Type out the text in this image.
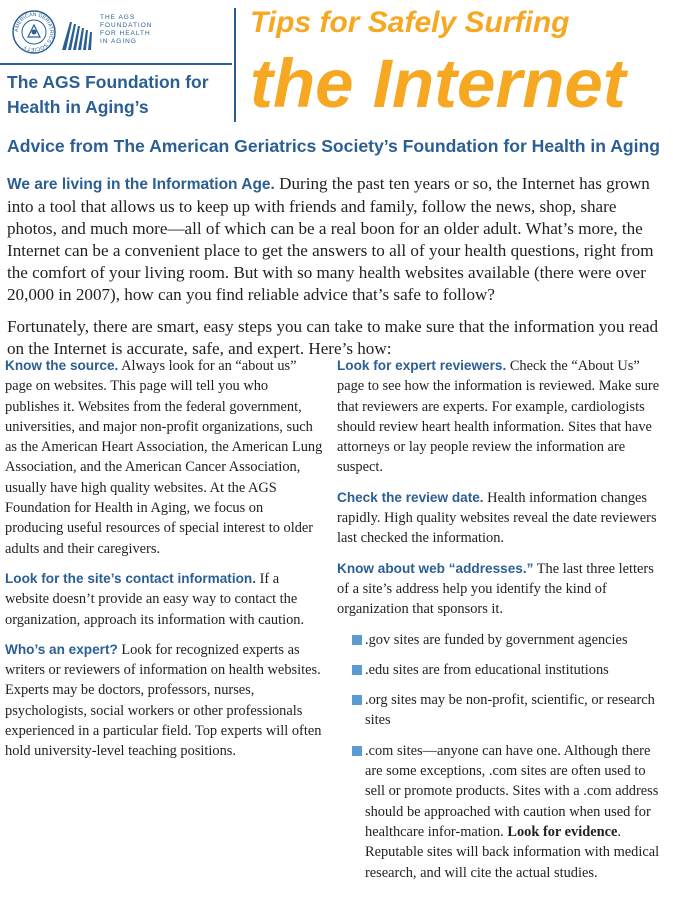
AMERICAN GERIATRICS SOCIETY
THE AGS
FOUNDATION
FOR HEALTH
IN AGING
The AGS Foundation for
Health in Aging’s
Tips for Safely Surfing
the Internet
Advice from The American Geriatrics Society’s Foundation for Health in Aging

We are living in the Information Age. During the past ten years or so, the Internet has grown into a tool that allows us to keep up with friends and family, follow the news, shop, share photos, and much more—all of which can be a real boon for an older adult. What’s more, the Internet can be a convenient place to get the answers to all of your health questions, right from the comfort of your living room. But with so many health websites available (there were over 20,000 in 2007), how can you find reliable advice that’s safe to follow?

Fortunately, there are smart, easy steps you can take to make sure that the information you read on the Internet is accurate, safe, and expert. Here’s how:

Know the source. Always look for an “about us” page on websites. This page will tell you who publishes it. Websites from the federal government, universities, and major non-profit organizations, such as the American Heart Association, the American Lung Association, and the American Cancer Association, usually have high quality websites. At the AGS Foundation for Health in Aging, we focus on producing useful resources of special interest to older adults and their caregivers.

Look for the site’s contact information. If a website doesn’t provide an easy way to contact the organization, approach its information with caution.

Who’s an expert? Look for recognized experts as writers or reviewers of information on health websites. Experts may be doctors, professors, nurses, psychologists, social workers or other professionals experienced in a particular field. Top experts will often hold university-level teaching positions.

Look for expert reviewers. Check the “About Us” page to see how the information is reviewed. Make sure that reviewers are experts. For example, cardiologists should review heart health information. Sites that have attorneys or lay people review the information are suspect.

Check the review date. Health information changes rapidly. High quality websites reveal the date reviewers last checked the information.

Know about web “addresses.” The last three letters of a site’s address help you identify the kind of organization that sponsors it.

.gov sites are funded by government agencies
.edu sites are from educational institutions
.org sites may be non-profit, scientific, or research sites
.com sites—anyone can have one. Although there are some exceptions, .com sites are often used to sell or promote products. Sites with a .com address should be approached with caution when used for healthcare infor-mation. Look for evidence. Reputable sites will back information with medical research, and will cite the actual studies.
